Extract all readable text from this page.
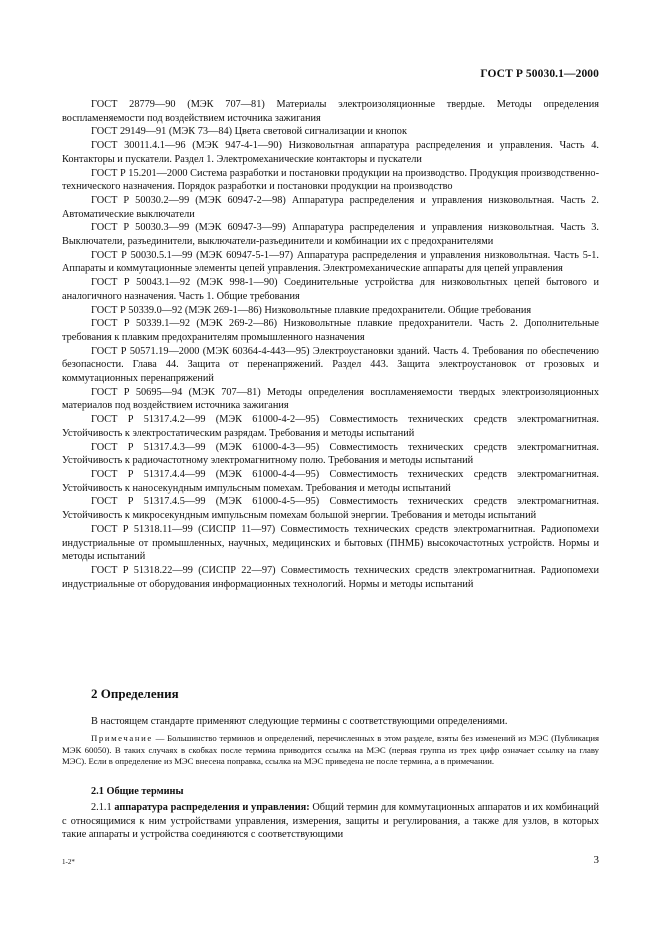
ГОСТ Р 50030.1—2000

ГОСТ 28779—90 (МЭК 707—81) Материалы электроизоляционные твердые. Методы определения воспламеняемости под воздействием источника зажигания

ГОСТ 29149—91 (МЭК 73—84) Цвета световой сигнализации и кнопок

ГОСТ 30011.4.1—96 (МЭК 947-4-1—90) Низковольтная аппаратура распределения и управления. Часть 4. Контакторы и пускатели. Раздел 1. Электромеханические контакторы и пускатели

ГОСТ Р 15.201—2000 Система разработки и постановки продукции на производство. Продукция производственно-технического назначения. Порядок разработки и постановки продукции на производство

ГОСТ Р 50030.2—99 (МЭК 60947-2—98) Аппаратура распределения и управления низковольтная. Часть 2. Автоматические выключатели

ГОСТ Р 50030.3—99 (МЭК 60947-3—99) Аппаратура распределения и управления низковольтная. Часть 3. Выключатели, разъединители, выключатели-разъединители и комбинации их с предохранителями

ГОСТ Р 50030.5.1—99 (МЭК 60947-5-1—97) Аппаратура распределения и управления низковольтная. Часть 5-1. Аппараты и коммутационные элементы цепей управления. Электромеханические аппараты для цепей управления

ГОСТ Р 50043.1—92 (МЭК 998-1—90) Соединительные устройства для низковольтных цепей бытового и аналогичного назначения. Часть 1. Общие требования

ГОСТ Р 50339.0—92 (МЭК 269-1—86) Низковольтные плавкие предохранители. Общие требования

ГОСТ Р 50339.1—92 (МЭК 269-2—86) Низковольтные плавкие предохранители. Часть 2. Дополнительные требования к плавким предохранителям промышленного назначения

ГОСТ Р 50571.19—2000 (МЭК 60364-4-443—95) Электроустановки зданий. Часть 4. Требования по обеспечению безопасности. Глава 44. Защита от перенапряжений. Раздел 443. Защита электроустановок от грозовых и коммутационных перенапряжений

ГОСТ Р 50695—94 (МЭК 707—81) Методы определения воспламеняемости твердых электроизоляционных материалов под воздействием источника зажигания

ГОСТ Р 51317.4.2—99 (МЭК 61000-4-2—95) Совместимость технических средств электромагнитная. Устойчивость к электростатическим разрядам. Требования и методы испытаний

ГОСТ Р 51317.4.3—99 (МЭК 61000-4-3—95) Совместимость технических средств электромагнитная. Устойчивость к радиочастотному электромагнитному полю. Требования и методы испытаний

ГОСТ Р 51317.4.4—99 (МЭК 61000-4-4—95) Совместимость технических средств электромагнитная. Устойчивость к наносекундным импульсным помехам. Требования и методы испытаний

ГОСТ Р 51317.4.5—99 (МЭК 61000-4-5—95) Совместимость технических средств электромагнитная. Устойчивость к микросекундным импульсным помехам большой энергии. Требования и методы испытаний

ГОСТ Р 51318.11—99 (СИСПР 11—97) Совместимость технических средств электромагнитная. Радиопомехи индустриальные от промышленных, научных, медицинских и бытовых (ПНМБ) высокочастотных устройств. Нормы и методы испытаний

ГОСТ Р 51318.22—99 (СИСПР 22—97) Совместимость технических средств электромагнитная. Радиопомехи индустриальные от оборудования информационных технологий. Нормы и методы испытаний

2 Определения

В настоящем стандарте применяют следующие термины с соответствующими определениями.

Примечание — Большинство терминов и определений, перечисленных в этом разделе, взяты без изменений из МЭС (Публикация МЭК 60050). В таких случаях в скобках после термина приводится ссылка на МЭС (первая группа из трех цифр означает ссылку на главу МЭС). Если в определение из МЭС внесена поправка, ссылка на МЭС приведена не после термина, а в примечании.

2.1 Общие термины

2.1.1 аппаратура распределения и управления: Общий термин для коммутационных аппаратов и их комбинаций с относящимися к ним устройствами управления, измерения, защиты и регулирования, а также для узлов, в которых такие аппараты и устройства соединяются с соответствующими

1-2*	3
